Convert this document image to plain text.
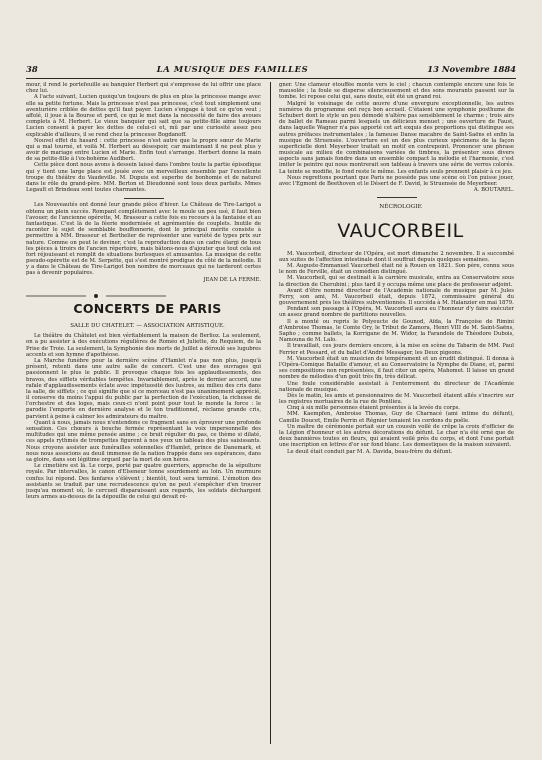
38	LA MUSIQUE DES FAMILLES	13 Novembre 1884

mour, il rend le portefeuille au banquier Herbert qui s'empresse de lui offrir une place chez lui.

A l'acte suivant, Lucien quoiqu'un toujours de plus en plus la princesse mange avec elle sa petite fortune. Mais la princesse n'est pas princesse, c'est tout simplement une aventurière criblée de dettes qu'il faut payer. Lucien s'engage à tout ce qu'on veut ; affolé, il joue à la Bourse et perd, ce qui le met dans la nécessité de faire des avoues complets à M. Herbert. Le vieux banquier qui sait que sa petite-fille aime toujours Lucien consent à payer les dettes de celui-ci et, mû par une curiosité assez peu explicable d'ailleurs, il se rend chez la princesse Bogdanoff.

Nouvel effet du hasard : cette princesse n'est autre que la propre sœur de Marie qui a mal tourné, et voilà M. Herbert au désespoir, car maintenant il ne peut plus y avoir de mariage entre Lucien et Marie. Enfin tout s'arrange. Herbert donne la main de sa petite-fille à l'ex-bohème Audibert.

Cette pièce dont nous avons à dessein laissé dans l'ombre toute la partie épisodique qui y tient une large place est jouée avec un merveilleux ensemble par l'excellente troupe du théâtre du Vaudeville. M. Dupuis est superbe de bonhomie et de naturel dans le rôle du grand-père. MM. Berton et Dieudonné sont tous deux parfaits. Mmes Legault et Brindeau sont toutes charmantes.

Les Nouveautés ont donné leur grande pièce d'hiver. Le Château de Tire-Larigot a obtenu un plein succès. Rompant complètement avec le moule un peu usé, il faut bien l'avouer, de l'ancienne opérette, M. Brasseur a cette fois eu recours à la fantaisie et au fantastique. C'est là de la féerie modernisée et agrémentée de couplets. Inutile de raconter le sujet de semblable bouffonnerie, dont le principal mérite consiste à permettre à MM. Brasseur et Berthelier de représenter une variété de types prix sur nature. Comme on peut le deviner, c'est la reproduction dans un cadre élargi de tous les pièces à tiroirs de l'ancien répertoire, mais bâtons-nous d'ajouter que tout cela est fort réjouissant et remplit de situations burlesques et amusantes. La musique de cette pseudo-opérette est de M. Serpette, qui s'est montré prodigue du côté de la mélodie. Il y a dans le Château de Tire-Larigot bon nombre de morceaux qui ne tarderont certes pas à devenir populaires.

JEAN DE LA FERME.

CONCERTS DE PARIS

SALLE DU CHATELET. — ASSOCIATION ARTISTIQUE.

Le théâtre du Châtelet est bien véritablement la maison de Berlioz. La seulement, on a pu assister à des exécutions régulières de Roméo et Juliette, du Requiem, de la Prise de Troie. La seulement, la Symphonie des morts de Juillet a déroulé ses lugubres accents et son hymne d'apothéose.

La Marche funèbre pour la dernière scène d'Hamlet n'a pas non plus, jusqu'à présent, retenti dans une autre salle de concert. C'est une des ouvrages qui passionnent le plus le public. Il provoque chaque fois les applaudissements, des bravos, des sifflets véritables tempêtes. Invariablement, après le dernier accord, une rafale d'applaudissements éclate avec impétuosité des lustres, au milieu des cris dans la salle, de sifflets ; ce qui signifie que si ce morceau n'est pas unanimement apprécié, il conserve du moins l'appui du public par la perfection de l'exécution, la richesse de l'orchestre et des loges, mais ceux-ci n'ont point pour tout le monde la force : le parodie l'emporte en dernière analyse et le ton traditionnel, réclame grande cris, parvient à peine à calmer les admirateurs du maître.

Quant à nous, jamais nous n'entendons ce fragment sans en éprouver une profonde sensation. Ces chœurs à bouche fermée représentant la voix impersonnelle des multitudes qui une même pensée anime ; ce bruit régulier du pas, ce thème si dilaté, ces appels rythmés de trompettes figurent à nos yeux un tableau des plus saisissants. Nous croyons assister aux funérailles solennelles d'Hamlet, prince de Danemark, et nous nous associons au deuil immense de la nation frappée dans ses espérances, dans sa gloire, dans son légitime orgueil par la mort de son héros.

Le cimetière est là. Le corps, porté par quatre guerriers, approche de la sépulture royale. Par intervalles, le canon d'Elseneur tonne sourdement au loin. Un murmure confus lui répond. Des fanfares s'élèvent ; bientôt, tout sera terminé. L'émotion des assistants se traduit par une recrudescence qu'on ne peut s'empêcher d'en trouver jusqu'au moment où, le cercueil disparaissant aux regards, les soldats déchargent leurs armes au-dessus de la dépouille de celui qui devait ré-

gner. Une clameur étouffée monte vers le ciel ; chacun contemple encore une fois le mausolée ; la foule se disperse silencieusement et des sons mourants passent sur la tombe. Ici repose celui qui, sans doute, eût été un grand roi.

Malgré le voisinage de cette œuvre d'une envergure exceptionnelle, les autres numéros du programme ont reçu bon accueil. C'étaient une symphonie posthume de Schubert dont le style un peu démodé n'altère pas sensiblement le charme ; trois airs de ballet de Rameau parmi lesquels un délicieux menuet ; une ouverture de Faust, dans laquelle Wagner n'a pas apporté cet art exquis des proportions qui distingue ses autres préfaces instrumentales ; la fameuse Danse macabre de Saint-Saëns et enfin la musique de Struensée. L'ouverture est un des plus curieux spécimens de la façon superficielle dont Meyerbeer traitait un motif en contrepoint. Prononcer une phrase musicale au milieu de combinaisons variées de timbres, la présenter sous divers aspects sans jamais fondre dans un ensemble compact la mélodie et l'harmonie, c'est imiter le peintre qui nous montrerait son tableau à travers une série de verres colorés. La teinte se modifie, le fond reste le même. Les enfants seuls prennent plaisir à ce jeu.

Nous regrettons pourtant que Paris ne possède pas une scène où l'on puisse jouer, avec l'Egmont de Beethoven et le Désert de F. David, le Struensée de Meyerbeer.

A. BOUTAREL.

NÉCROLOGIE

VAUCORBEIL

M. Vaucorbeil, directeur de l'Opéra, est mort dimanche 2 novembre. Il a succombé aux suites de l'affection intestinale dont il souffrait depuis quelques semaines.

M. Auguste-Emmanuel Vaucorbeil était né à Rouen en 1821. Son père, connu sous le nom de Ferville, était un comédien distingué.

M. Vaucorbeil, qui se destinait à la carrière musicale, entra au Conservatoire sous la direction de Cherubini ; plus tard il y occupa même une place de professeur adjoint.

Avant d'être nommé directeur de l'Académie nationale de musique par M. Jules Ferry, son ami, M. Vaucorbeil était, depuis 1872, commissaire général du gouvernement près les théâtres subventionnés. Il succéda à M. Halanzier en mai 1879.

Pendant son passage à l'Opéra, M. Vaucorbeil aura eu l'honneur d'y faire exécuter un assez grand nombre de partitions nouvelles.

Il a monté ou repris le Polyeucte de Gounod, Aïda, la Françoise de Rimini d'Ambroise Thomas, le Comte Ory, le Tribut de Zamora, Henri VIII de M. Saint-Saëns, Sapho ; comme ballets, la Korrigane de M. Widor, la Farandole de Théodore Dubois, Namouna de M. Lalo.

Il travaillait, ces jours derniers encore, à la mise en scène du Tabarin de MM. Paul Ferrier et Pessard, et du ballet d'André Messager, les Deux pigeons.

M. Vaucorbeil était un musicien de tempérament et un érudit distingué. Il donna à l'Opéra-Comique Bataille d'amour, et au Conservatoire la Nymphe de Diane, et, parmi ses compositions non représentées, il faut citer un opéra, Mahomet. Il laisse un grand nombre de mélodies d'un goût très fin, très délicat.

Une foule considérable assistait à l'enterrement du directeur de l'Académie nationale de musique.

Dès le matin, les amis et pensionnaires de M. Vaucorbeil étaient allés s'inscrire sur les registres mortuaires de la rue de Pontlieu.

Cinq à six mille personnes étaient présentes à la levée du corps.

MM. Kaempfen, Ambroise Thomas, Guy de Charnacé (ami intime du défunt), Camille Doucet, Emile Perrin et Régnier tenaient les cordons du poêle.

Un maître de cérémonie portait sur un coussin voilé de crêpe la croix d'officier de la Légion d'honneur et les autres décorations du défunt. Le char n'a été orné que de deux bannières toutes en fleurs, qui avaient voilé près du corps, et dont l'une portait une inscription en lettres d'or sur fond blanc. Les domestiques de la maison suivaient.

Le deuil était conduit par M. A. Davida, beau-frère du défunt.
